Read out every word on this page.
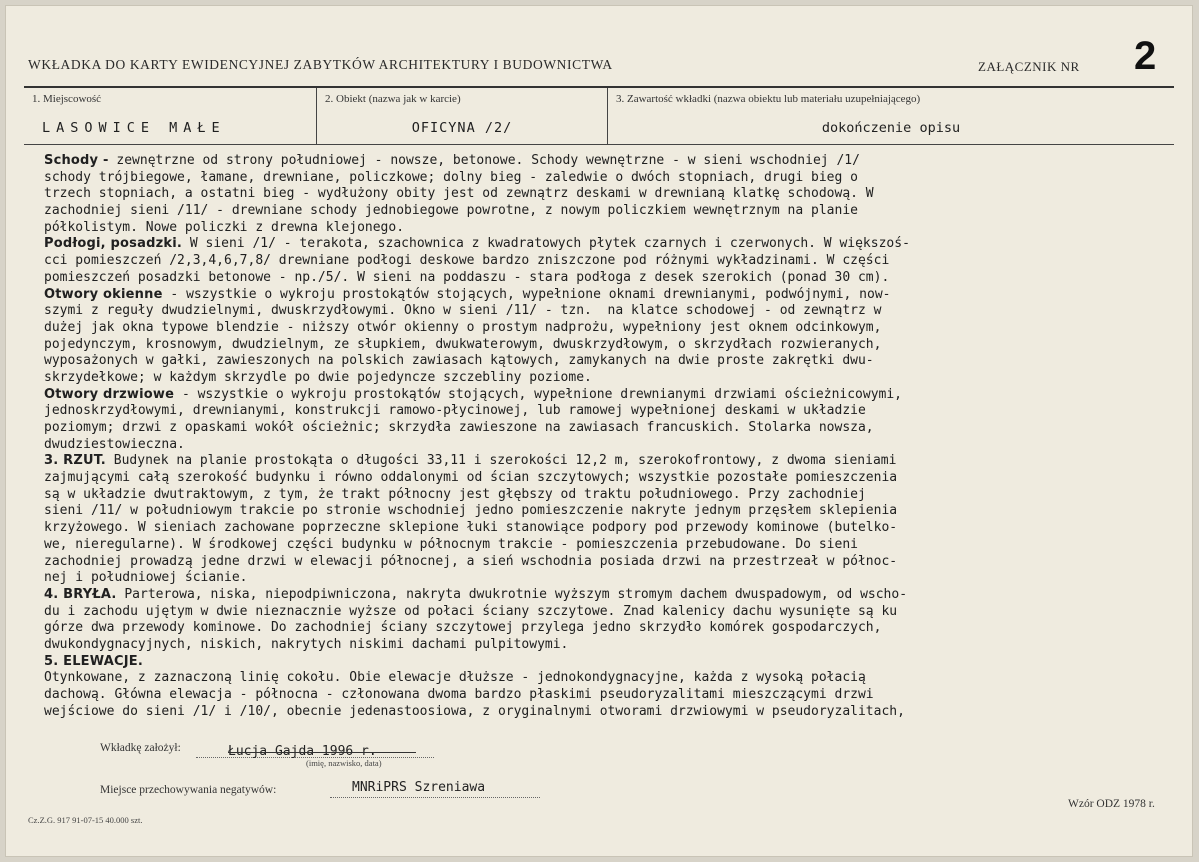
WKŁADKA DO KARTY EWIDENCYJNEJ ZABYTKÓW ARCHITEKTURY I BUDOWNICTWA	ZAŁĄCZNIK NR 2
1. Miejscowość
LASOWICE MAŁE
2. Obiekt (nazwa jak w karcie)
OFICYNA /2/
3. Zawartość wkładki (nazwa obiektu lub materiału uzupełniającego)
dokończenie opisu
Schody - zewnętrzne od strony południowej - nowsze, betonowe. Schody wewnętrzne - w sieni wschodniej /1/
schody trójbiegowe, łamane, drewniane, policzkowe; dolny bieg - zaledwie o dwóch stopniach, drugi bieg o
trzech stopniach, a ostatni bieg - wydłużony obity jest od zewnątrz deskami w drewnianą klatkę schodową. W
zachodniej sieni /11/ - drewniane schody jednobiegowe powrotne, z nowym policzkiem wewnętrznym na planie
półkolistym. Nowe policzki z drewna klejonego.
Podłogi, posadzki. W sieni /1/ - terakota, szachownica z kwadratowych płytek czarnych i czerwonych. W większoś-
cci pomieszczeń /2,3,4,6,7,8/ drewniane podłogi deskowe bardzo zniszczone pod różnymi wykładzinami. W części
pomieszczeń posadzki betonowe - np./5/. W sieni na poddaszu - stara podłoga z desek szerokich (ponad 30 cm).
Otwory okienne - wszystkie o wykroju prostokątów stojących, wypełnione oknami drewnianymi, podwójnymi, now-
szymi z reguły dwudzielnymi, dwuskrzydłowymi. Okno w sieni /11/ - tzn.  na klatce schodowej - od zewnątrz w
dużej jak okna typowe blendzie - niższy otwór okienny o prostym nadprożu, wypełniony jest oknem odcinkowym,
pojedynczym, krosnowym, dwudzielnym, ze słupkiem, dwukwaterowym, dwuskrzydłowym, o skrzydłach rozwieranych,
wyposażonych w gałki, zawieszonych na polskich zawiasach kątowych, zamykanych na dwie proste zakrętki dwu-
skrzydełkowe; w każdym skrzydle po dwie pojedyncze szczebliny poziome.
Otwory drzwiowe - wszystkie o wykroju prostokątów stojących, wypełnione drewnianymi drzwiami ościeżnicowymi,
jednoskrzydłowymi, drewnianymi, konstrukcji ramowo-płycinowej, lub ramowej wypełnionej deskami w układzie
poziomym; drzwi z opaskami wokół ościeżnic; skrzydła zawieszone na zawiasach francuskich. Stolarka nowsza,
dwudziestowieczna.
3. RZUT. Budynek na planie prostokąta o długości 33,11 i szerokości 12,2 m, szerokofrontowy, z dwoma sieniami
zajmującymi całą szerokość budynku i równo oddalonymi od ścian szczytowych; wszystkie pozostałe pomieszczenia
są w układzie dwutraktowym, z tym, że trakt północny jest głębszy od traktu południowego. Przy zachodniej
sieni /11/ w południowym trakcie po stronie wschodniej jedno pomieszczenie nakryte jednym przęsłem sklepienia
krzyżowego. W sieniach zachowane poprzeczne sklepione łuki stanowiące podpory pod przewody kominowe (butelko-
we, nieregularne). W środkowej części budynku w północnym trakcie - pomieszczenia przebudowane. Do sieni
zachodniej prowadzą jedne drzwi w elewacji północnej, a sień wschodnia posiada drzwi na przestrzeał w północ-
nej i południowej ścianie.
4. BRYŁA. Parterowa, niska, niepodpiwniczona, nakryta dwukrotnie wyższym stromym dachem dwuspadowym, od wscho-
du i zachodu ujętym w dwie nieznacznie wyższe od połaci ściany szczytowe. Znad kalenicy dachu wysunięte są ku
górze dwa przewody kominowe. Do zachodniej ściany szczytowej przylega jedno skrzydło komórek gospodarczych,
dwukondygnacyjnych, niskich, nakrytych niskimi dachami pulpitowymi.
5. ELEWACJE.
Otynkowane, z zaznaczoną linię cokołu. Obie elewacje dłuższe - jednokondygnacyjne, każda z wysoką połacią
dachową. Główna elewacja - północna - członowana dwoma bardzo płaskimi pseudoryzalitami mieszczącymi drzwi
wejściowe do sieni /1/ i /10/, obecnie jedenastoosiowa, z oryginalnymi otworami drzwiowymi w pseudoryzalitach,
Wkładkę założył:	Łucja Gajda 1996 r.
(imię, nazwisko, data)
Miejsce przechowywania negatywów:	MNRiPRS Szreniawa
Wzór ODZ 1978 r.
Cz.Z.G. 917 91-07-15 40.000 szt.
